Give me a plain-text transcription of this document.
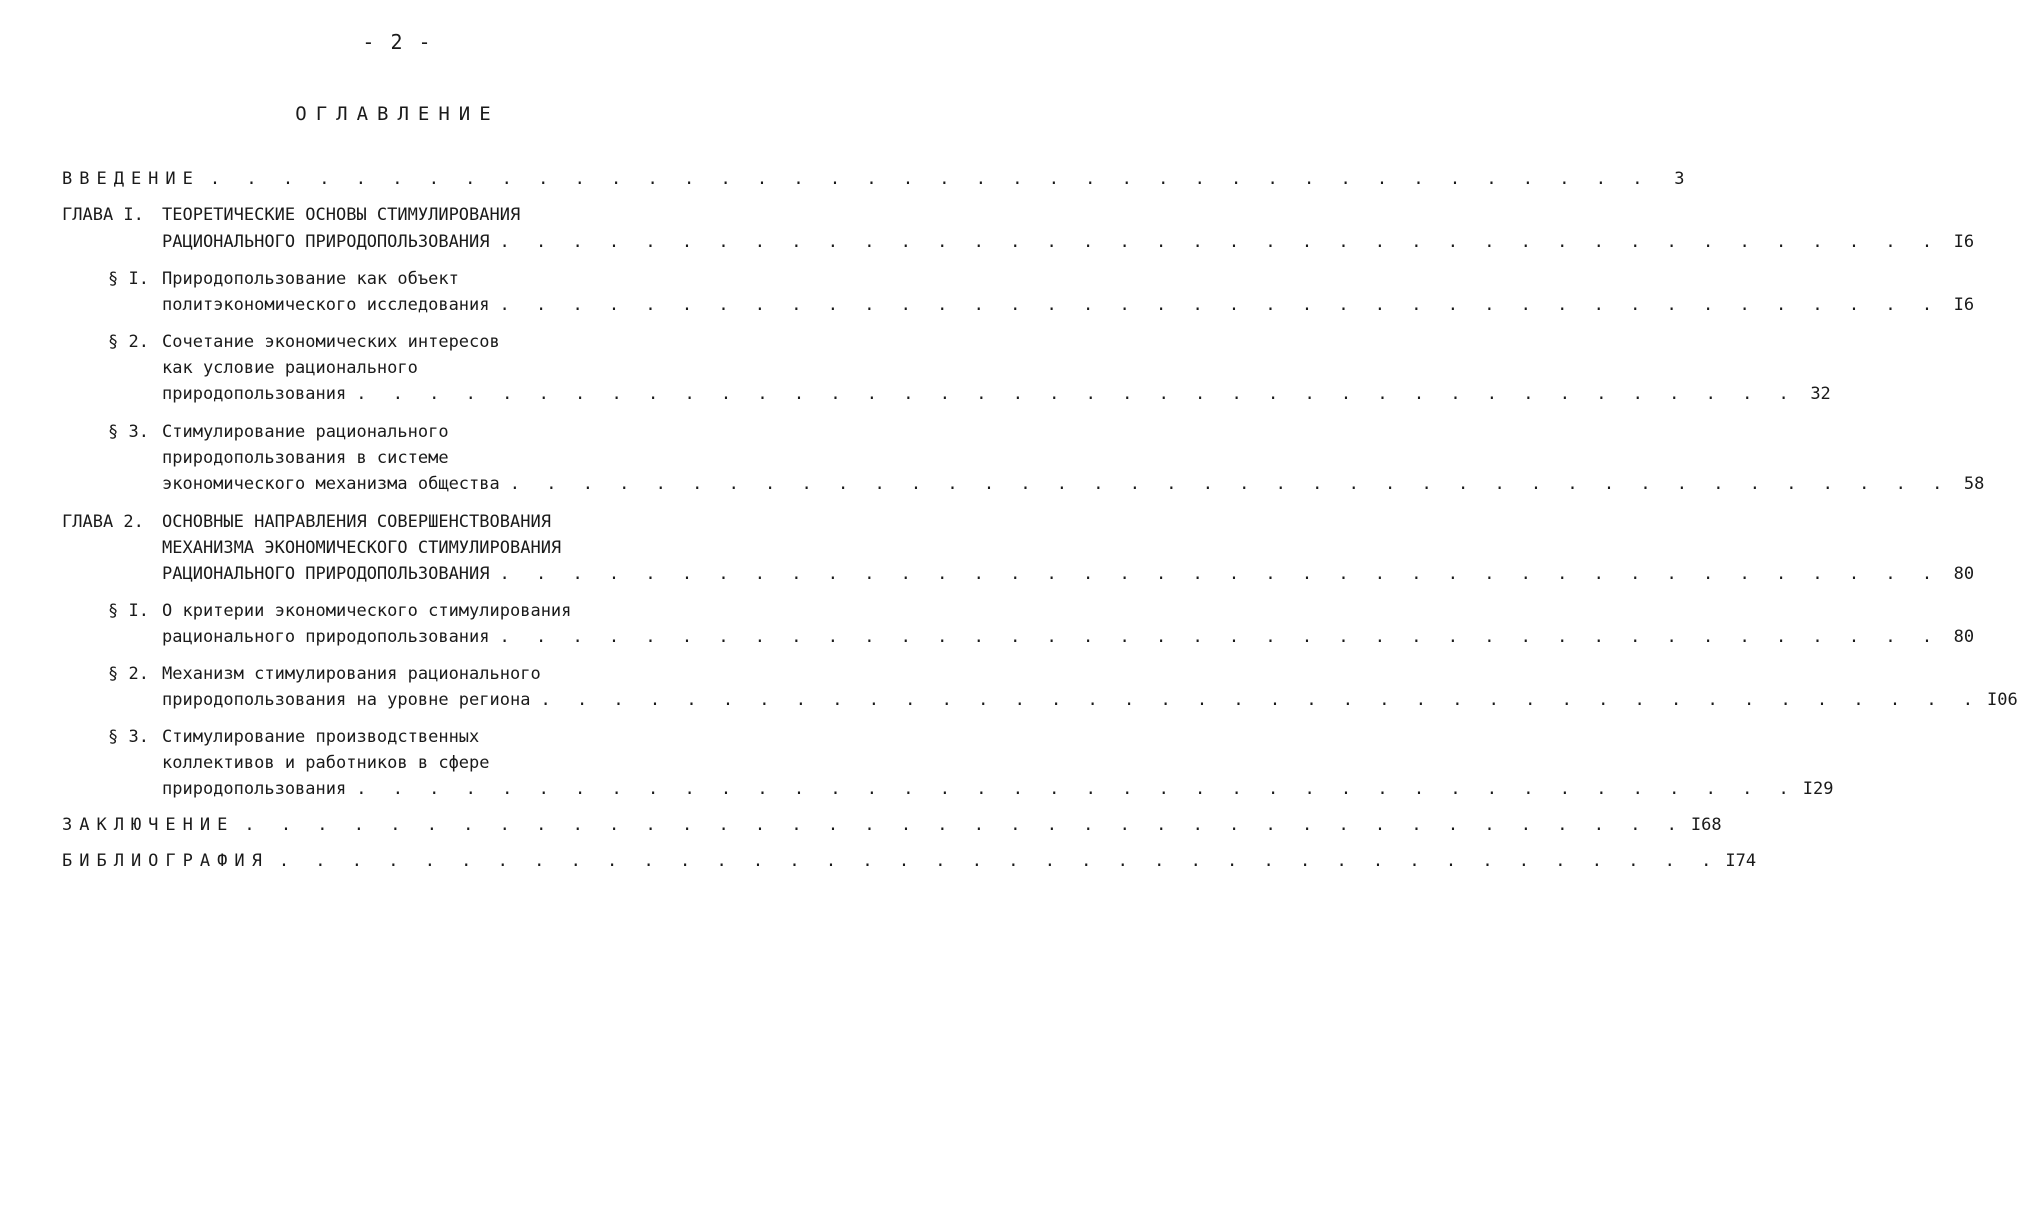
- 2 -
ОГЛАВЛЕНИЕ
ВВЕДЕНИЕ . . . . . . . . . . . . . . . . . . . . . . . . . . . . . . . . . . . . . . . .	3
ГЛАВА I.	ТЕОРЕТИЧЕСКИЕ ОСНОВЫ СТИМУЛИРОВАНИЯ
РАЦИОНАЛЬНОГО ПРИРОДОПОЛЬЗОВАНИЯ . . . . . . . . . . . . . . . . . . . . . . . . . . . . . . . . . . . . . . . . I6
§ I. Природопользование как объект
политэкономического исследования . . . . . . . . . . . . . . . . . . . . . . . . . . . . . . . . . . . . . . . . I6
§ 2. Сочетание экономических интересов
как условие рационального
природопользования . . . . . . . . . . . . . . . . . . . . . . . . . . . . . . . . . . . . . . . . 32
§ 3. Стимулирование рационального
природопользования в системе
экономического механизма общества . . . . . . . . . . . . . . . . . . . . . . . . . . . . . . . . . . . . . . . . 58
ГЛАВА 2.	ОСНОВНЫЕ НАПРАВЛЕНИЯ СОВЕРШЕНСТВОВАНИЯ
МЕХАНИЗМА ЭКОНОМИЧЕСКОГО СТИМУЛИРОВАНИЯ
РАЦИОНАЛЬНОГО ПРИРОДОПОЛЬЗОВАНИЯ . . . . . . . . . . . . . . . . . . . . . . . . . . . . . . . . . . . . . . . . 80
§ I. О критерии экономического стимулирования
рационального природопользования . . . . . . . . . . . . . . . . . . . . . . . . . . . . . . . . . . . . . . . . 80
§ 2. Механизм стимулирования рационального
природопользования на уровне региона . . . . . . . . . . . . . . . . . . . . . . . . . . . . . . . . . . . . . . . . I06
§ 3. Стимулирование производственных
коллективов и работников в сфере
природопользования . . . . . . . . . . . . . . . . . . . . . . . . . . . . . . . . . . . . . . . . I29
ЗАКЛЮЧЕНИЕ . . . . . . . . . . . . . . . . . . . . . . . . . . . . . . . . . . . . . . . . I68
БИБЛИОГРАФИЯ . . . . . . . . . . . . . . . . . . . . . . . . . . . . . . . . . . . . . . . . I74
